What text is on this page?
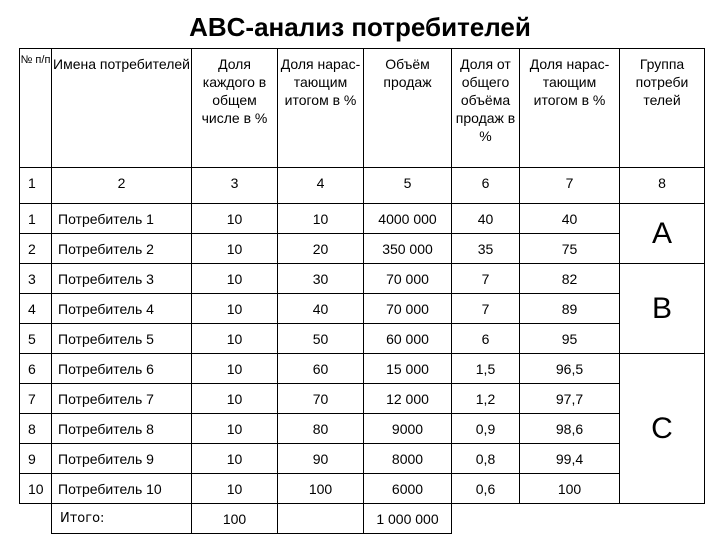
ABC-анализ потребителей
№ п/п	Имена потребителей	Доля каждого в общем числе в %	Доля нарас-тающим итогом в %	Объём продаж	Доля от общего объёма продаж в %	Доля нарас-тающим итогом в %	Группа потреби телей	
1	2	3	4	5	6	7	8	
1	Потребитель 1	10	10	4000 000	40	40	A	
2	Потребитель 2	10	20	350 000	35	75		
3	Потребитель 3	10	30	70 000	7	82	B	
4	Потребитель 4	10	40	70 000	7	89		
5	Потребитель 5	10	50	60 000	6	95		
6	Потребитель 6	10	60	15 000	1,5	96,5	C	
7	Потребитель 7	10	70	12 000	1,2	97,7		
8	Потребитель 8	10	80	9000	0,9	98,6		
9	Потребитель 9	10	90	8000	0,8	99,4		
10	Потребитель 10	10	100	6000	0,6	100		
	Итого:	100		1 000 000				
